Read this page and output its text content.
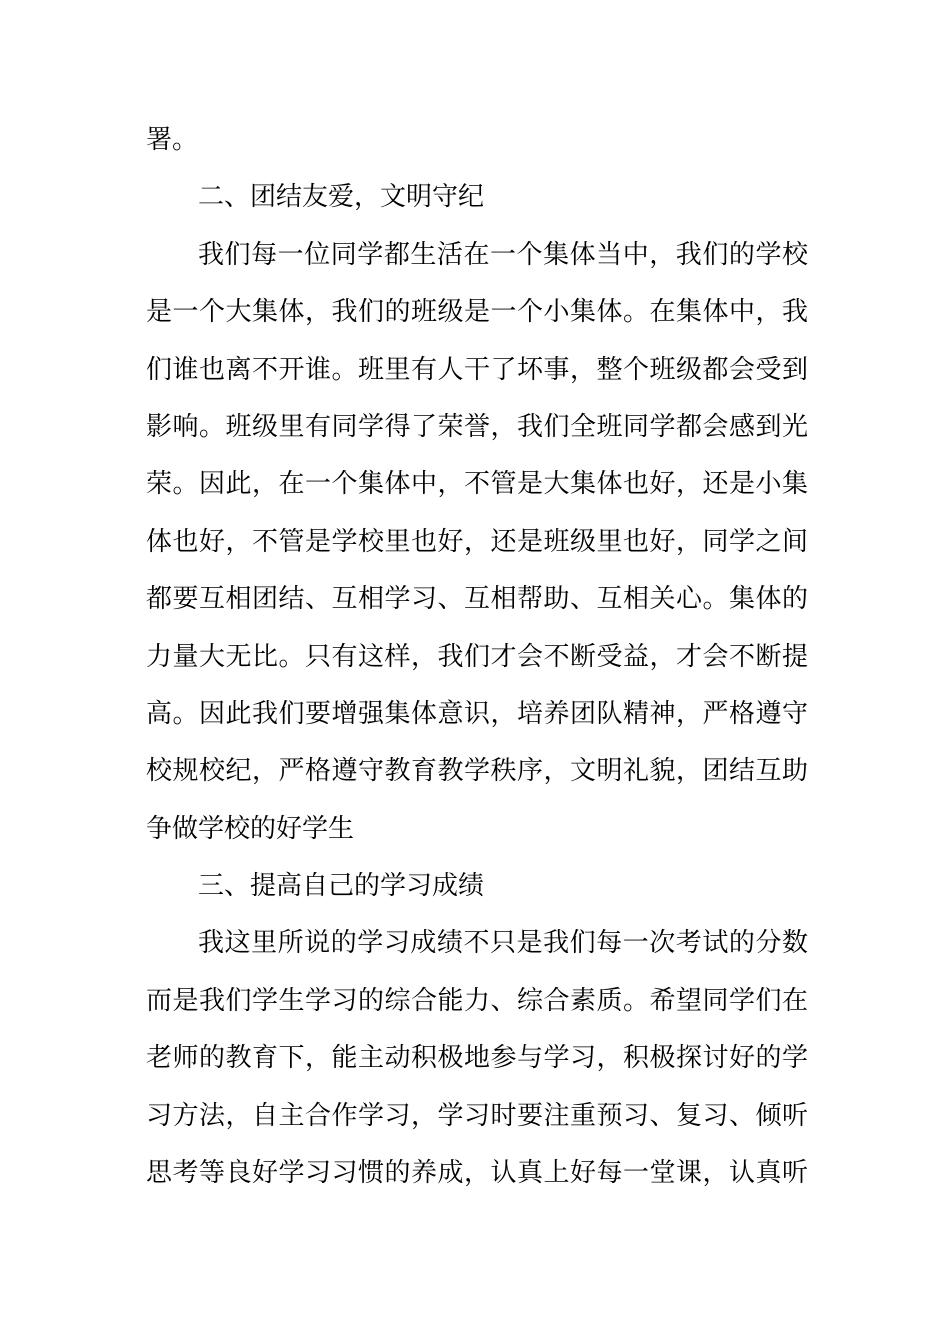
署。
二、团结友爱，文明守纪
我们每一位同学都生活在一个集体当中，我们的学校
是一个大集体，我们的班级是一个小集体。在集体中，我
们谁也离不开谁。班里有人干了坏事，整个班级都会受到
影响。班级里有同学得了荣誉，我们全班同学都会感到光
荣。因此，在一个集体中，不管是大集体也好，还是小集
体也好，不管是学校里也好，还是班级里也好，同学之间
都要互相团结、互相学习、互相帮助、互相关心。集体的
力量大无比。只有这样，我们才会不断受益，才会不断提
高。因此我们要增强集体意识，培养团队精神，严格遵守
校规校纪，严格遵守教育教学秩序，文明礼貌，团结互助
争做学校的好学生
三、提高自己的学习成绩
我这里所说的学习成绩不只是我们每一次考试的分数
而是我们学生学习的综合能力、综合素质。希望同学们在
老师的教育下，能主动积极地参与学习，积极探讨好的学
习方法，自主合作学习，学习时要注重预习、复习、倾听
思考等良好学习习惯的养成，认真上好每一堂课，认真听
